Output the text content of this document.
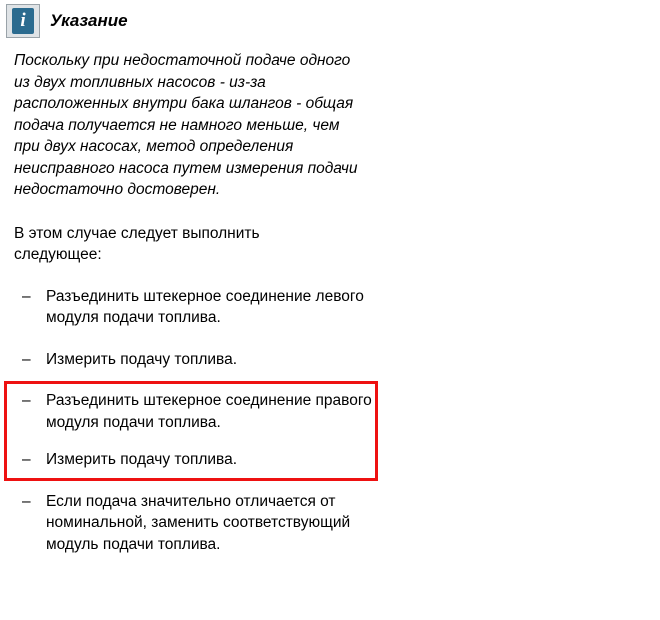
i
Указание

Поскольку при недостаточной подаче одного из двух топливных насосов - из-за расположенных внутри бака шлангов - общая подача получается не намного меньше, чем при двух насосах, метод определения неисправного насоса путем измерения подачи недостаточно достоверен.

В этом случае следует выполнить следующее:

– Разъединить штекерное соединение левого модуля подачи топлива.
– Измерить подачу топлива.
– Разъединить штекерное соединение правого модуля подачи топлива.
– Измерить подачу топлива.
– Если подача значительно отличается от номинальной, заменить соответствующий модуль подачи топлива.
